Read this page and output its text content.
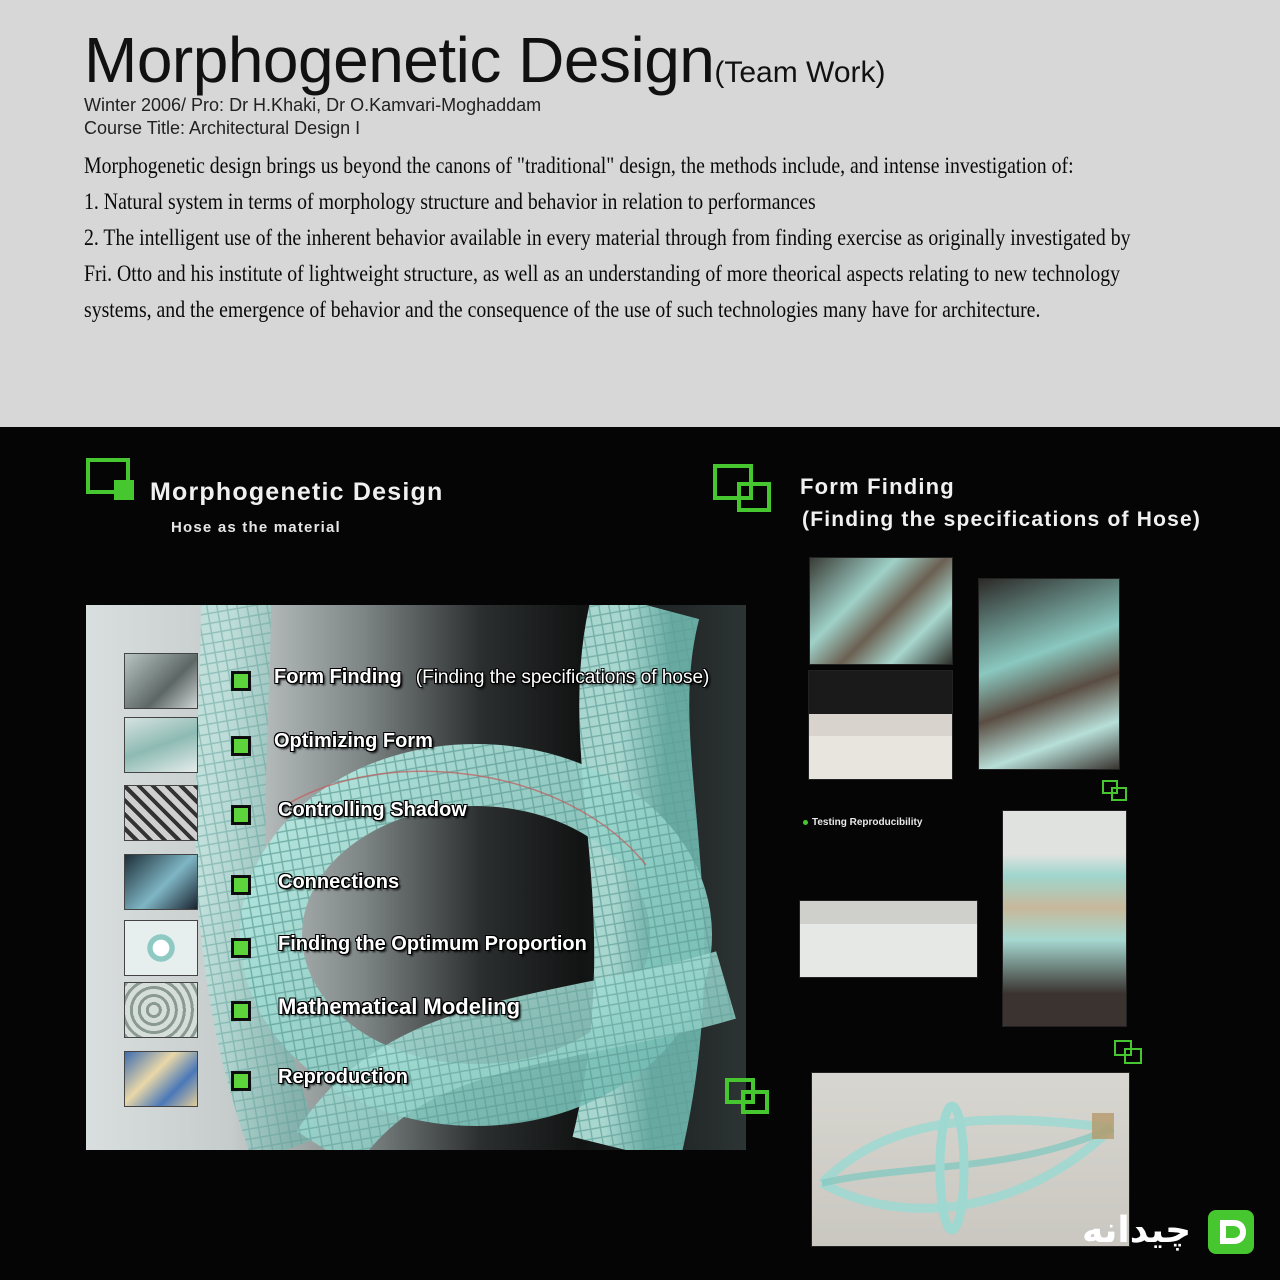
Morphogenetic Design(Team Work)
Winter 2006/ Pro: Dr H.Khaki, Dr O.Kamvari-Moghaddam
Course Title: Architectural Design I
Morphogenetic design brings us beyond the canons of "traditional" design, the methods include, and intense investigation of:
1. Natural system in terms of morphology structure and behavior in relation to performances
2. The intelligent use of the inherent behavior available in every material through from finding exercise as originally investigated by
Fri. Otto and his institute of lightweight structure, as well as an understanding of more theorical aspects relating to new technology
systems, and the emergence of behavior and the consequence of the use of such technologies many have for architecture.
Morphogenetic Design
Hose as the material
Form Finding
(Finding the specifications of Hose)
Form Finding (Finding the specifications of hose)
Optimizing Form
Controlling Shadow
Connections
Finding the Optimum Proportion
Mathematical Modeling
Reproduction
Testing Reproducibility
چیدانه
